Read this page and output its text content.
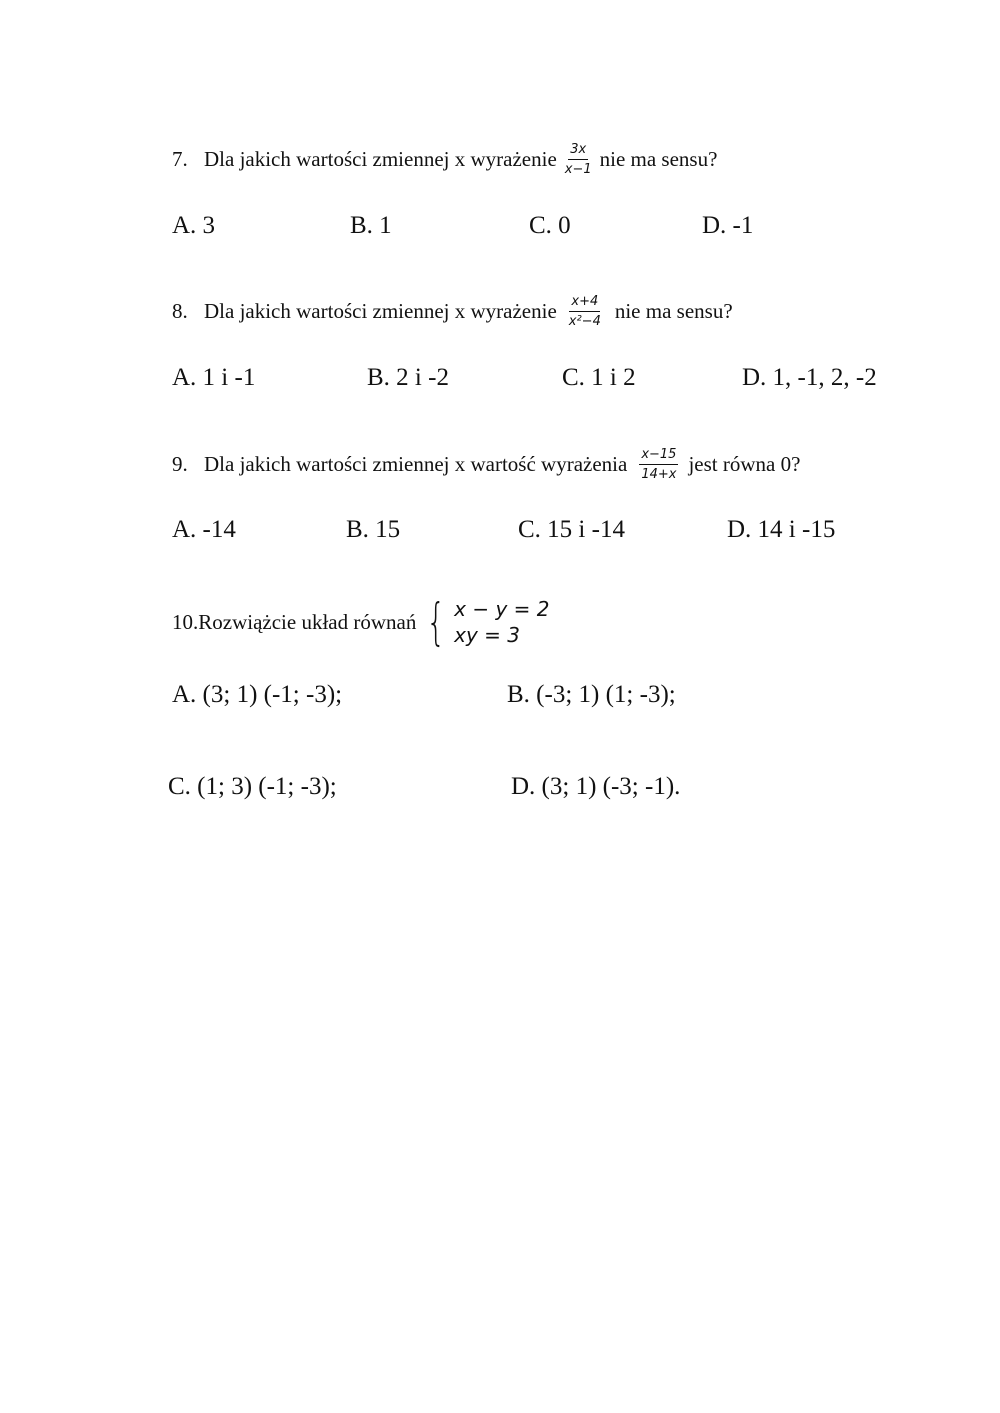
7. Dla jakich wartości zmiennej x wyrażenie $\frac{3x}{x-1}$ nie ma sensu?
A. 3	B. 1	C. 0	D. -1
8. Dla jakich wartości zmiennej x wyrażenie $\frac{x+4}{\text{x²−4}}$ nie ma sensu?
A. 1 i -1	B. 2 i -2	C. 1 i 2	D. 1, -1, 2, -2
9. Dla jakich wartości zmiennej x wartość wyrażenia $\frac{x-15}{14+x}$ jest równa 0?
A. -14	B. 15	C. 15 i -14	D. 14 i -15
10. Rozwiążcie układ równań { x − y = 2
xy = 3
A. (3; 1) (-1; -3);	B. (-3; 1) (1; -3);
C. (1; 3) (-1; -3);	D. (3; 1) (-3; -1).
